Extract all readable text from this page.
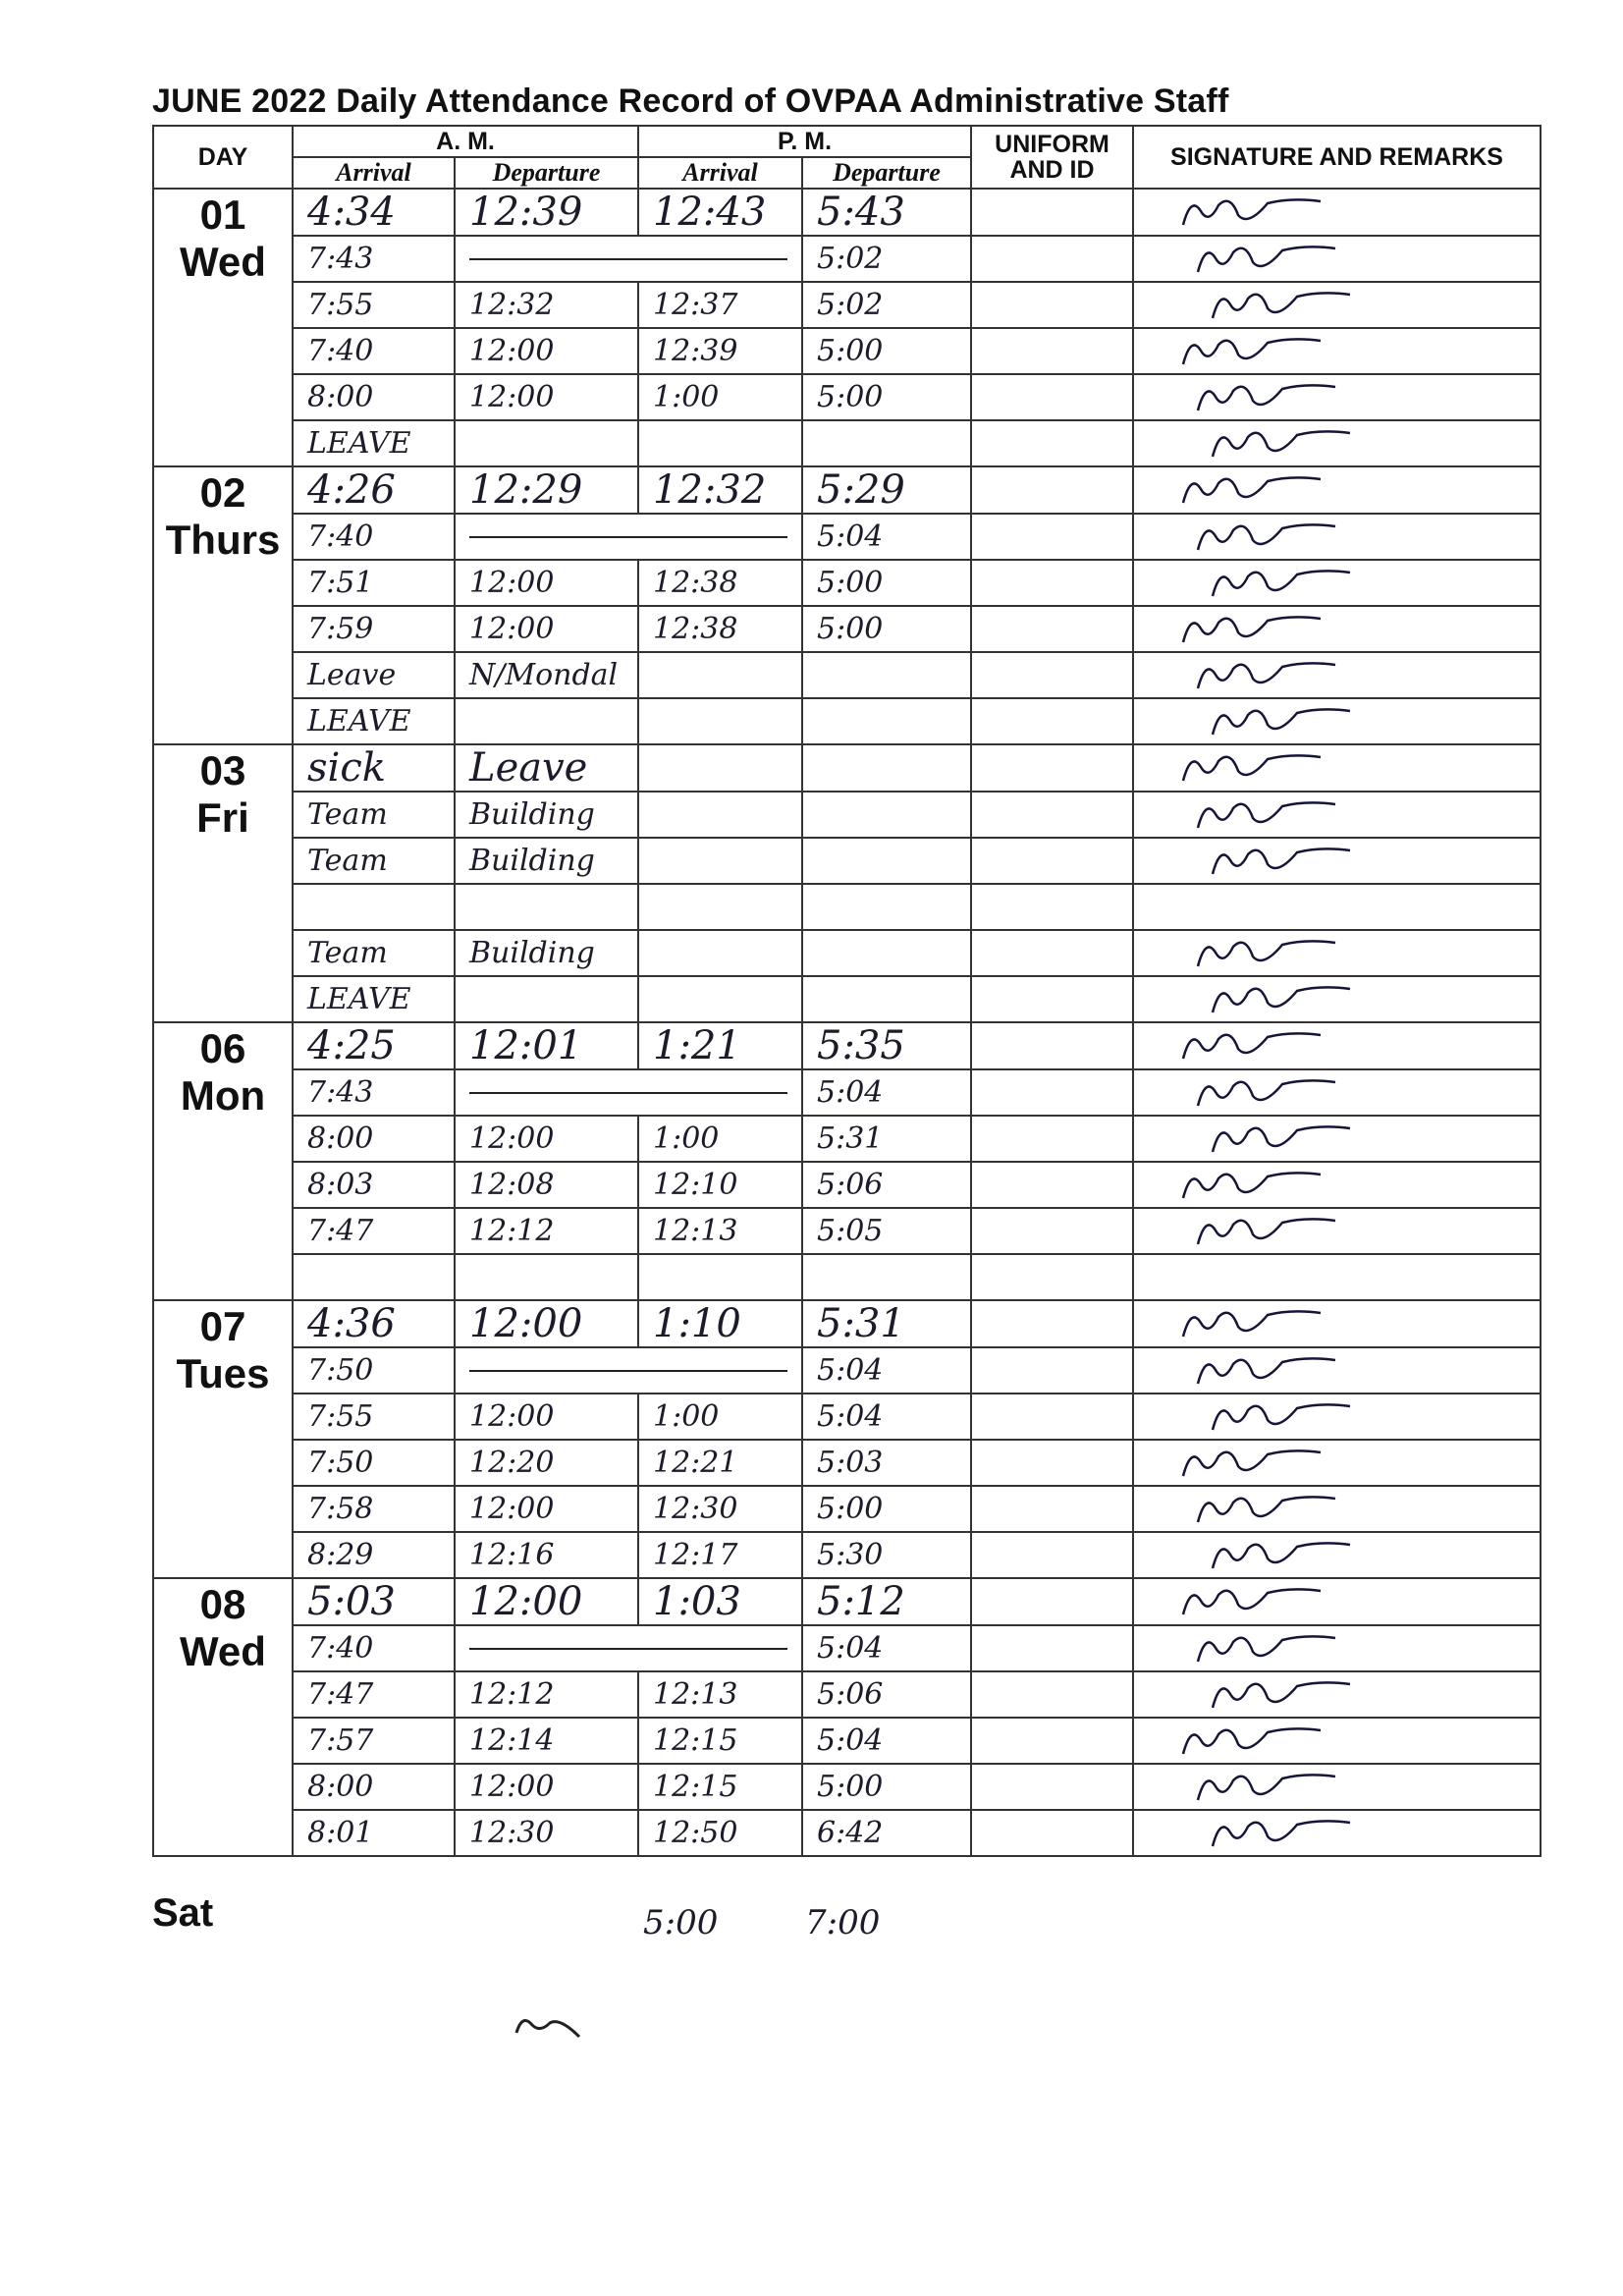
JUNE 2022 Daily Attendance Record of OVPAA Administrative Staff
DAY	A. M.		P. M.		UNIFORM AND ID	SIGNATURE AND REMARKS
	Arrival	Departure	Arrival	Departure		

01
Wed	4:34	12:39	12:43	5:43		

	7:43			5:02		

	7:55	12:32	12:37	5:02		

	7:40	12:00	12:39	5:00		

	8:00	12:00	1:00	5:00		

	LEAVE					

02
Thurs	4:26	12:29	12:32	5:29		

	7:40			5:04		

	7:51	12:00	12:38	5:00		

	7:59	12:00	12:38	5:00		

	Leave	N/Mondal				

	LEAVE					

03
Fri	sick	Leave				

	Team	Building				

	Team	Building				

	Team	Building				

	LEAVE					

06
Mon	4:25	12:01	1:21	5:35		

	7:43			5:04		

	8:00	12:00	1:00	5:31		

	8:03	12:08	12:10	5:06		

	7:47	12:12	12:13	5:05		

07
Tues	4:36	12:00	1:10	5:31		

	7:50			5:04		

	7:55	12:00	1:00	5:04		

	7:50	12:20	12:21	5:03		

	7:58	12:00	12:30	5:00		

	8:29	12:16	12:17	5:30		

08
Wed	5:03	12:00	1:03	5:12		

	7:40			5:04		

	7:47	12:12	12:13	5:06		

	7:57	12:14	12:15	5:04		

	8:00	12:00	12:15	5:00		

	8:01	12:30	12:50	6:42		
Sat	5:00	7:00
